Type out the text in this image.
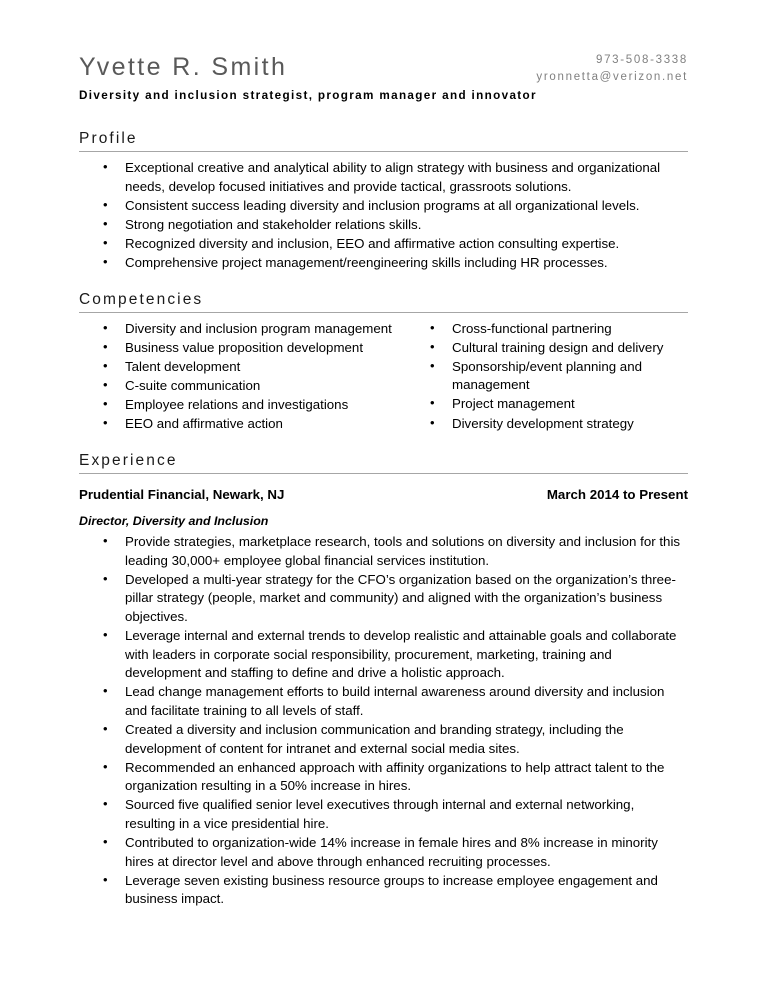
973-508-3338
yronnetta@verizon.net
Yvette R. Smith
Diversity and inclusion strategist, program manager and innovator
Profile
• Exceptional creative and analytical ability to align strategy with business and organizational needs, develop focused initiatives and provide tactical, grassroots solutions.
• Consistent success leading diversity and inclusion programs at all organizational levels.
• Strong negotiation and stakeholder relations skills.
• Recognized diversity and inclusion, EEO and affirmative action consulting expertise.
• Comprehensive project management/reengineering skills including HR processes.
Competencies
• Diversity and inclusion program management
• Business value proposition development
• Talent development
• C-suite communication
• Employee relations and investigations
• EEO and affirmative action
• Cross-functional partnering
• Cultural training design and delivery
• Sponsorship/event planning and management
• Project management
• Diversity development strategy
Experience
Prudential Financial, Newark, NJ	March 2014 to Present
Director, Diversity and Inclusion
• Provide strategies, marketplace research, tools and solutions on diversity and inclusion for this leading 30,000+ employee global financial services institution.
• Developed a multi-year strategy for the CFO’s organization based on the organization’s three-pillar strategy (people, market and community) and aligned with the organization’s business objectives.
• Leverage internal and external trends to develop realistic and attainable goals and collaborate with leaders in corporate social responsibility, procurement, marketing, training and development and staffing to define and drive a holistic approach.
• Lead change management efforts to build internal awareness around diversity and inclusion and facilitate training to all levels of staff.
• Created a diversity and inclusion communication and branding strategy, including the development of content for intranet and external social media sites.
• Recommended an enhanced approach with affinity organizations to help attract talent to the organization resulting in a 50% increase in hires.
• Sourced five qualified senior level executives through internal and external networking, resulting in a vice presidential hire.
• Contributed to organization-wide 14% increase in female hires and 8% increase in minority hires at director level and above through enhanced recruiting processes.
• Leverage seven existing business resource groups to increase employee engagement and business impact.
